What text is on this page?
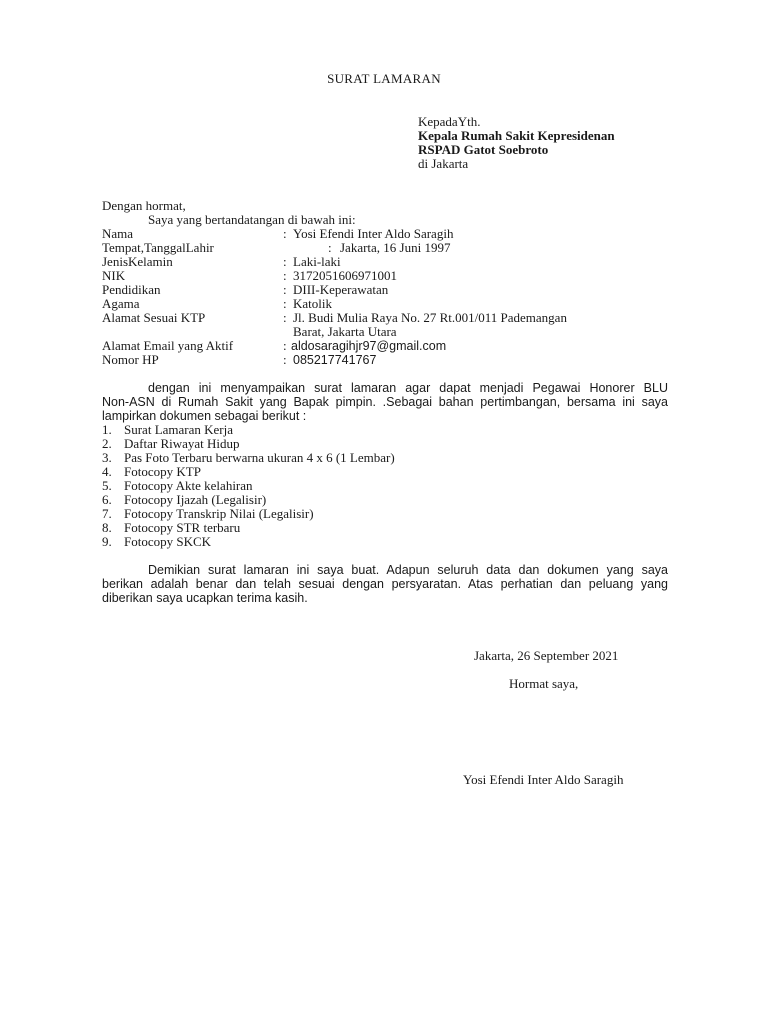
SURAT LAMARAN
KepadaYth.
Kepala Rumah Sakit Kepresidenan
RSPAD Gatot Soebroto
di Jakarta
Dengan hormat,
Saya yang bertandatangan di bawah ini:
Nama	: Yosi Efendi Inter Aldo Saragih
Tempat,TanggalLahir	: Jakarta, 16 Juni 1997
JenisKelamin	: Laki-laki
NIK	: 3172051606971001
Pendidikan	: DIII-Keperawatan
Agama	: Katolik
Alamat Sesuai KTP	: Jl. Budi Mulia Raya No. 27 Rt.001/011 Pademangan
Barat, Jakarta Utara
Alamat Email yang Aktif	: aldosaragihjr97@gmail.com
Nomor HP	: 085217741767
dengan ini menyampaikan surat lamaran agar dapat menjadi Pegawai Honorer BLU
Non-ASN di Rumah Sakit yang Bapak pimpin. .Sebagai bahan pertimbangan, bersama ini saya
lampirkan dokumen sebagai berikut :
1. Surat Lamaran Kerja
2. Daftar Riwayat Hidup
3. Pas Foto Terbaru berwarna ukuran 4 x 6 (1 Lembar)
4. Fotocopy KTP
5. Fotocopy Akte kelahiran
6. Fotocopy Ijazah (Legalisir)
7. Fotocopy Transkrip Nilai (Legalisir)
8. Fotocopy STR terbaru
9. Fotocopy SKCK
Demikian surat lamaran ini saya buat. Adapun seluruh data dan dokumen yang saya
berikan adalah benar dan telah sesuai dengan persyaratan. Atas perhatian dan peluang yang
diberikan saya ucapkan terima kasih.
Jakarta, 26 September 2021
Hormat saya,
Yosi Efendi Inter Aldo Saragih
